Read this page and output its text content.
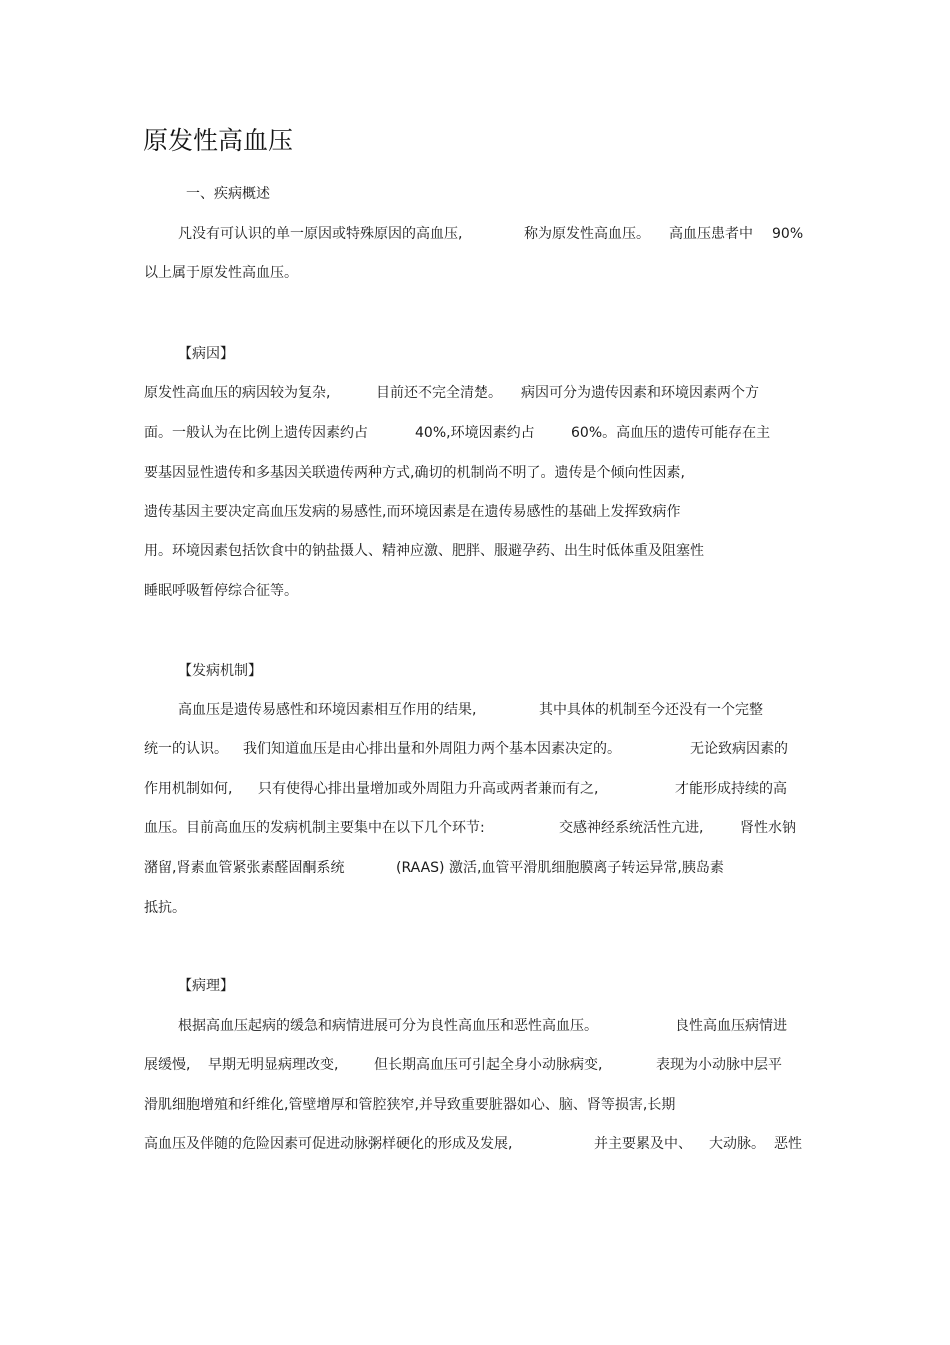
原发性高血压
一、疾病概述
凡没有可认识的单一原因或特殊原因的高血压,	称为原发性高血压。 高血压患者中 90%
以上属于原发性高血压。
【病因】
原发性高血压的病因较为复杂,	目前还不完全清楚。 病因可分为遗传因素和环境因素两个方
面。一般认为在比例上遗传因素约占	40%,环境因素约占	60%。高血压的遗传可能存在主
要基因显性遗传和多基因关联遗传两种方式,确切的机制尚不明了。遗传是个倾向性因素,
遗传基因主要决定高血压发病的易感性,而环境因素是在遗传易感性的基础上发挥致病作
用。环境因素包括饮食中的钠盐摄人、精神应激、肥胖、服避孕药、出生时低体重及阻塞性
睡眠呼吸暂停综合征等。
【发病机制】
高血压是遗传易感性和环境因素相互作用的结果,	其中具体的机制至今还没有一个完整
统一的认识。 我们知道血压是由心排出量和外周阻力两个基本因素决定的。	无论致病因素的
作用机制如何, 只有使得心排出量增加或外周阻力升高或两者兼而有之,	才能形成持续的高
血压。目前高血压的发病机制主要集中在以下几个环节:	交感神经系统活性亢进,	肾性水钠
潴留,肾素血管紧张素醛固酮系统	(RAAS) 激活,血管平滑肌细胞膜离子转运异常,胰岛素
抵抗。
【病理】
根据高血压起病的缓急和病情进展可分为良性高血压和恶性高血压。	良性高血压病情进
展缓慢, 早期无明显病理改变,	但长期高血压可引起全身小动脉病变,	表现为小动脉中层平
滑肌细胞增殖和纤维化,管壁增厚和管腔狭窄,并导致重要脏器如心、脑、肾等损害,长期
高血压及伴随的危险因素可促进动脉粥样硬化的形成及发展,	并主要累及中、 大动脉。 恶性
